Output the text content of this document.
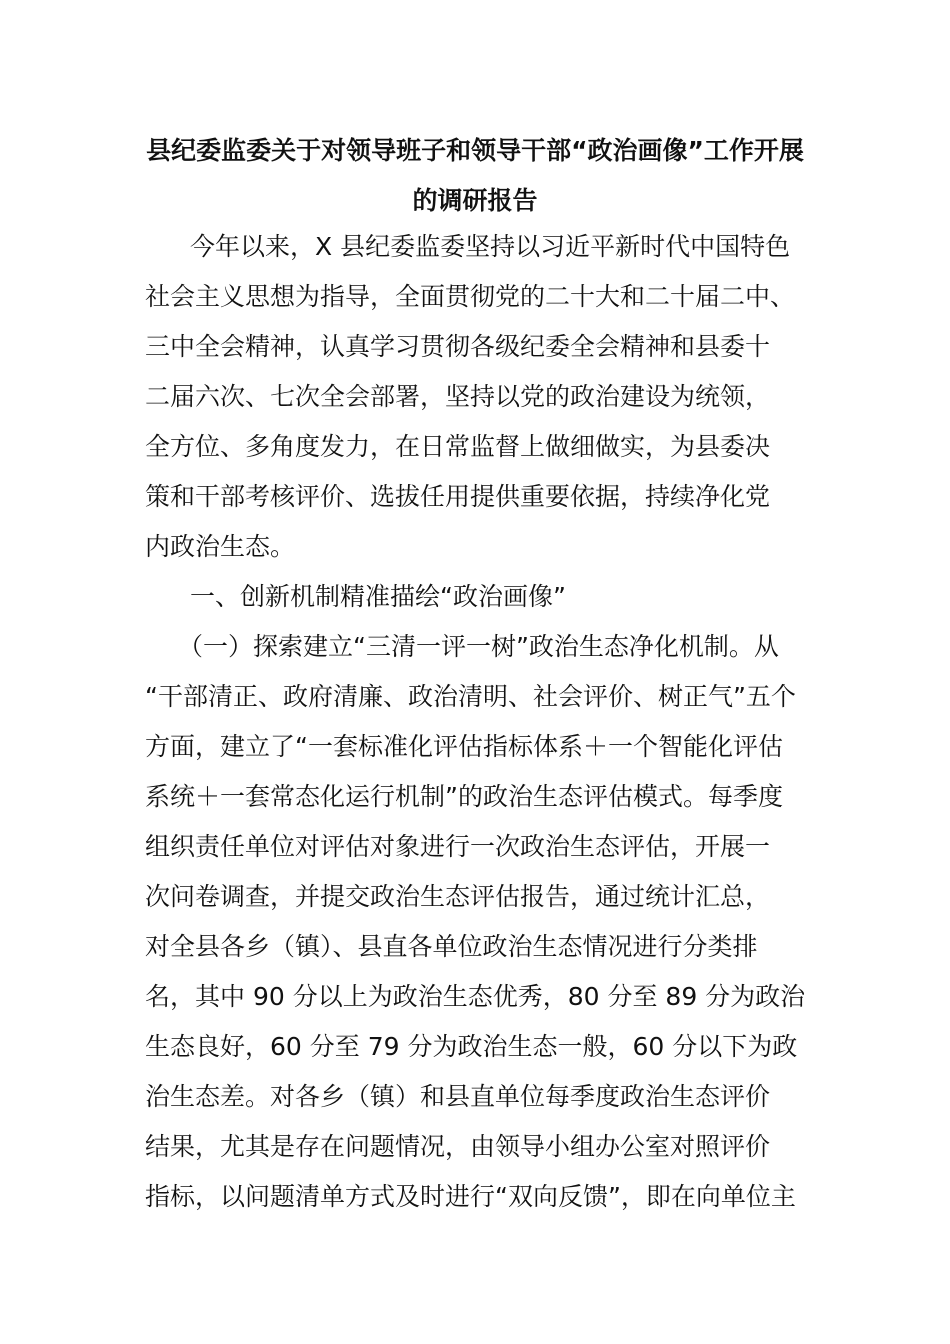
县纪委监委关于对领导班子和领导干部“政治画像”工作开展
的调研报告
今年以来，X 县纪委监委坚持以习近平新时代中国特色
社会主义思想为指导，全面贯彻党的二十大和二十届二中、
三中全会精神，认真学习贯彻各级纪委全会精神和县委十
二届六次、七次全会部署，坚持以党的政治建设为统领，
全方位、多角度发力，在日常监督上做细做实，为县委决
策和干部考核评价、选拔任用提供重要依据，持续净化党
内政治生态。
一、创新机制精准描绘“政治画像”
（一）探索建立“三清一评一树”政治生态净化机制。从
“干部清正、政府清廉、政治清明、社会评价、树正气”五个
方面，建立了“一套标准化评估指标体系＋一个智能化评估
系统＋一套常态化运行机制”的政治生态评估模式。每季度
组织责任单位对评估对象进行一次政治生态评估，开展一
次问卷调查，并提交政治生态评估报告，通过统计汇总，
对全县各乡（镇）、县直各单位政治生态情况进行分类排
名，其中 90 分以上为政治生态优秀，80 分至 89 分为政治
生态良好，60 分至 79 分为政治生态一般，60 分以下为政
治生态差。对各乡（镇）和县直单位每季度政治生态评价
结果，尤其是存在问题情况，由领导小组办公室对照评价
指标，以问题清单方式及时进行“双向反馈”，即在向单位主
